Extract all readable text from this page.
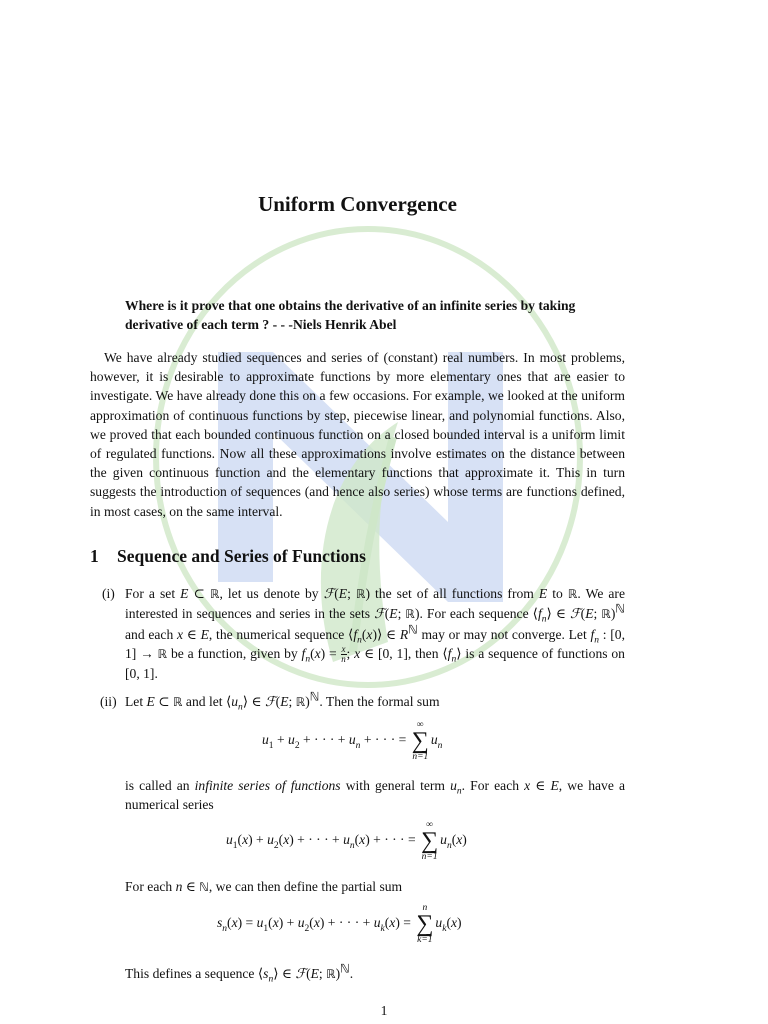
Uniform Convergence
Where is it prove that one obtains the derivative of an infinite series by taking derivative of each term ? - - -Niels Henrik Abel
We have already studied sequences and series of (constant) real numbers. In most problems, however, it is desirable to approximate functions by more elementary ones that are easier to investigate. We have already done this on a few occasions. For example, we looked at the uniform approximation of continuous functions by step, piecewise linear, and polynomial functions. Also, we proved that each bounded continuous function on a closed bounded interval is a uniform limit of regulated functions. Now all these approximations involve estimates on the distance between the given continuous function and the elementary functions that approximate it. This in turn suggests the introduction of sequences (and hence also series) whose terms are functions defined, in most cases, on the same interval.
1 Sequence and Series of Functions
(i) For a set E ⊂ ℝ, let us denote by ℱ(E; ℝ) the set of all functions from E to ℝ. We are interested in sequences and series in the sets ℱ(E; ℝ). For each sequence $⟨f_n⟩$ ∈ ℱ(E; ℝ)$^ℕ$ and each x ∈ E, the numerical sequence $⟨f_n(x)⟩$ ∈ $R^ℕ$ may or may not converge. Let $f_n$ : [0, 1] → ℝ be a function, given by $f_n(x) = \frac{x}{n}$ ; x ∈ [0, 1], then $⟨f_n⟩$ is a sequence of functions on [0, 1].
(ii) Let E ⊂ ℝ and let $⟨u_n⟩$ ∈ ℱ(E; ℝ)$^ℕ$. Then the formal sum
$u_1 + u_2$ + · · · + $u_n$ + · · · =
∞
∑
n=1
$u_n$
is called an infinite series of functions with general term $u_n$. For each x ∈ E, we have a numerical series
$u_1(x) + u_2(x)$ + · · · + $u_n(x)$ + · · · =
∞
∑
n=1
$u_n(x)$
For each n ∈ ℕ, we can then define the partial sum
$s_n(x) = u_1(x) + u_2(x)$ + · · · + $u_k(x)$ =
n
∑
k=1
$u_k(x)$
This defines a sequence $⟨s_n⟩$ ∈ ℱ(E; ℝ)$^ℕ$.
1
